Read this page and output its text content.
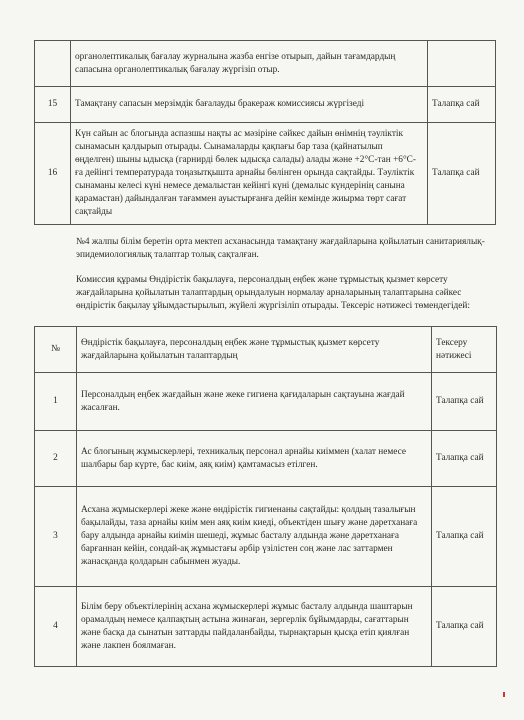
	органолептикалық бағалау журналына жазба енгізе отырып, дайын тағамдардың сапасына органолептикалық бағалау жүргізіп отыр.	
15	Тамақтану сапасын мерзімдік бағалауды бракераж комиссиясы жүргізеді	Талапқа сай
16	Күн сайын ас блогында аспазшы нақты ас мәзіріне сәйкес дайын өнімнің тәуліктік сынамасын қалдырып отырады. Сынамаларды қақпағы бар таза (қайнатылып өңделген) шыны ыдысқа (гарнирді бөлек ыдысқа салады) алады және +2°С-тан +6°С-ға дейінгі температурада тоңазытқышта арнайы бөлінген орында сақтайды. Тәуліктік сынаманы келесі күні немесе демалыстан кейінгі күні (демалыс күндерінің санына қарамастан) дайындалған тағаммен ауыстырғанға дейін кемінде жиырма төрт сағат сақтайды	Талапқа сай

№4 жалпы білім беретін орта мектеп асханасында тамақтану жағдайларына қойылатын санитариялық-эпидемиологиялық талаптар толық сақталған.

Комиссия құрамы Өндірістік бақылауға, персоналдың еңбек және тұрмыстық қызмет көрсету жағдайларына қойылатын талаптардың орындалуын нормалау арналарының талаптарына сәйкес өндірістік бақылау ұйымдастырылып, жүйелі жүргізіліп отырады. Тексеріс нәтижесі төмендегідей:

№	Өндірістік бақылауға, персоналдың еңбек және тұрмыстық қызмет көрсету жағдайларына қойылатын талаптардың	Тексеру нәтижесі
1	Персоналдың еңбек жағдайын және жеке гигиена қағидаларын сақтауына жағдай жасалған.	Талапқа сай
2	Ас блогының жұмыскерлері, техникалық персонал арнайы киіммен (халат немесе шалбары бар күрте, бас киім, аяқ киім) қамтамасыз етілген.	Талапқа сай
3	Асхана жұмыскерлері жеке және өндірістік гигиенаны сақтайды: қолдың тазалығын бақылайды, таза арнайы киім мен аяқ киім киеді, объектіден шығу және дәретханаға бару алдында арнайы киімін шешеді, жұмыс басталу алдында және дәретханаға барғаннан кейін, сондай-ақ жұмыстағы әрбір үзілістен соң және лас заттармен жанасқанда қолдарын сабынмен жуады.	Талапқа сай
4	Білім беру объектілерінің асхана жұмыскерлері жұмыс басталу алдында шаштарын орамалдың немесе қалпақтың астына жинаған, зергерлік бұйымдарды, сағаттарын және басқа да сынатын заттарды пайдаланбайды, тырнақтарын қысқа етіп қиялған және лакпен боялмаған.	Талапқа сай
